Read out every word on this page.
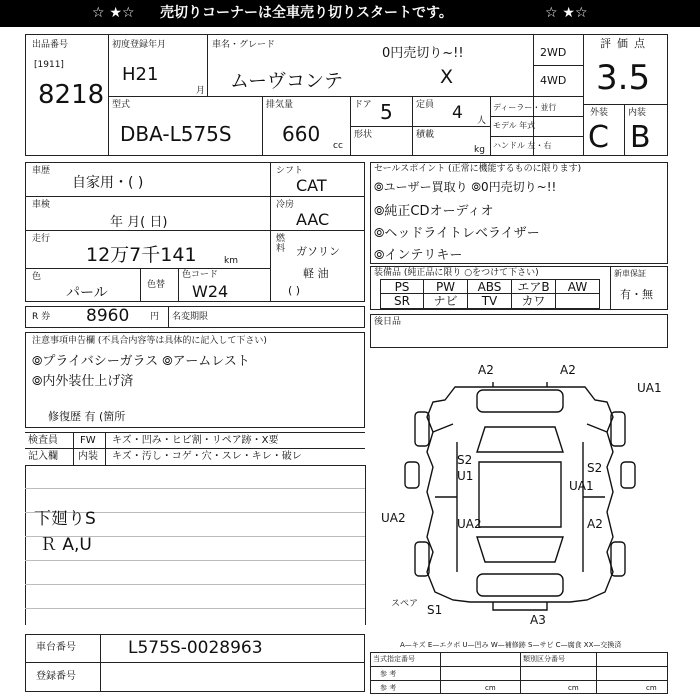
☆ ★☆ 売切りコーナーは全車売り切りスタートです。	☆ ★☆
出品番号
[1911]
8218
初度登録年月
H21
月
車名・グレード
0円売切り~!!
ムーヴコンテ	X
2WD
4WD
評価点
3.5
型式
DBA-L575S
排気量
660 cc
ドア 5
形状
定員 4 人
積載
kg
ディーラー・並行
モデル 年式
ハンドル 左・右
外装 内装
C B
車歴
自家用・( )
車検
年 月( 日)
走行
12万7千141	km
色
パール	色替
色コード
W24
シフト
CAT
冷房
AAC
燃料 ガソリン
軽 油
( )
R 券 8960 円 名変期限
注意事項申告欄 (不具合内容等は具体的に記入して下さい)
⦾プライバシーガラス ⦾アームレスト
⦾内外装仕上げ済
修復歴 有 (箇所
セールスポイント (正常に機能するものに限ります)
⦾ユーザー買取り ⦾0円売切り~!!
⦾純正CDオーディオ
⦾ヘッドライトレベライザー
⦾インテリキー
装備品 (純正品に限り ○をつけて下さい)	新車保証
有・無
PS	PW	ABS	エアB	AW
SR	ナビ	TV	カワ
後日品
検査員
記入欄
FW キズ・凹み・ヒビ割・リペア跡・X要
内装 キズ・汚し・コゲ・穴・スレ・キレ・破レ
下廻りS
Ｒ A,U
A2	A2
UA1
S2
U1
S2
UA1
UA2	UA2	A2
S1
A3
スペア
A—キズ E—エクボ U—凹み W—補修跡 S—サビ C—腐食 XX—交換済
車台番号	L575S-0028963
登録番号
当式指定番号	類別区分番号
参 考
参 考	cm	cm	cm
